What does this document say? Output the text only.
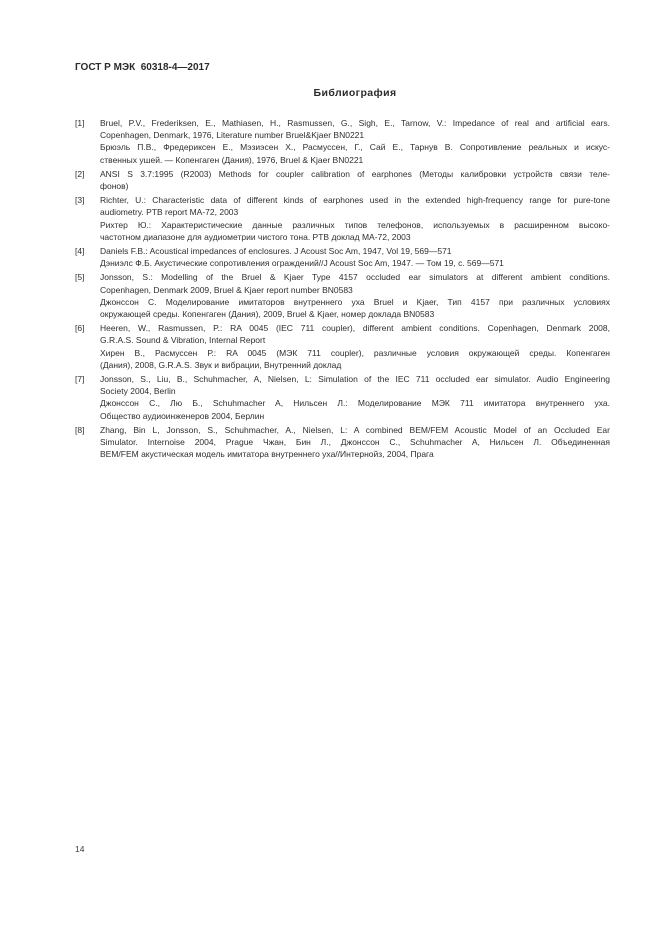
ГОСТ Р МЭК  60318-4—2017
Библиография
[1]	Bruel, P.V., Frederiksen, E., Mathiasen, H., Rasmussen, G., Sigh, E., Tarnow, V.: Impedance of real and artificial ears.
Copenhagen, Denmark, 1976, Literature number Bruel&Kjaer BN0221
Брюэль П.В., Фредериксен Е., Мэзиэсен Х., Расмуссен, Г., Сай Е., Тарнув В. Сопротивление реальных и искус-
ственных ушей. — Копенгаген (Дания), 1976, Bruel & Kjaer BN0221
[2]	ANSI S 3.7:1995 (R2003) Methods for coupler calibration of earphones (Методы калибровки устройств связи теле-
фонов)
[3]	Richter, U.: Characteristic data of different kinds of earphones used in the extended high-frequency range for pure-tone
audiometry. PTB report MA-72, 2003
Рихтер Ю.: Характеристические данные различных типов телефонов, используемых в расширенном высоко-
частотном диапазоне для аудиометрии чистого тона. PTB доклад MA-72, 2003
[4]	Daniels F.B.: Acoustical impedances of enclosures. J Acoust Soc Am, 1947, Vol 19, 569—571
Дэниэлс Ф.Б. Акустические сопротивления ограждений//J Acoust Soc Am, 1947. — Том 19, с. 569—571
[5]	Jonsson, S.: Modelling of the Bruel & Kjaer Type 4157 occluded ear simulators at different ambient conditions.
Copenhagen, Denmark 2009, Bruel & Kjaer report number BN0583
Джонссон С. Моделирование имитаторов внутреннего уха Bruel и Kjaer, Тип 4157 при различных условиях
окружающей среды. Копенгаген (Дания), 2009, Bruel & Kjaer, номер доклада BN0583
[6]	Heeren, W., Rasmussen, P.: RA 0045 (IEC 711 coupler), different ambient conditions. Copenhagen, Denmark 2008,
G.R.A.S. Sound & Vibration, Internal Report
Хирен В., Расмуссен Р.: RA 0045 (МЭК 711 coupler), различные условия окружающей среды. Копенгаген
(Дания), 2008, G.R.A.S. Звук и вибрации, Внутренний доклад
[7]	Jonsson, S., Liu, B., Schuhmacher, A, Nielsen, L: Simulation of the IEC 711 occluded ear simulator. Audio Engineering
Society 2004, Berlin
Джонссон С., Лю Б., Schuhmacher A, Нильсен Л.: Моделирование МЭК 711 имитатора внутреннего уха.
Общество аудиоинженеров 2004, Берлин
[8]	Zhang, Bin L, Jonsson, S., Schuhmacher, A., Nielsen, L: A combined BEM/FEM Acoustic Model of an Occluded Ear
Simulator. Internoise 2004, Prague Чжан, Бин Л., Джонссон С., Schuhmacher A, Нильсен Л. Объединенная
BEM/FEM акустическая модель имитатора внутреннего уха//Интернойз, 2004, Прага
14
